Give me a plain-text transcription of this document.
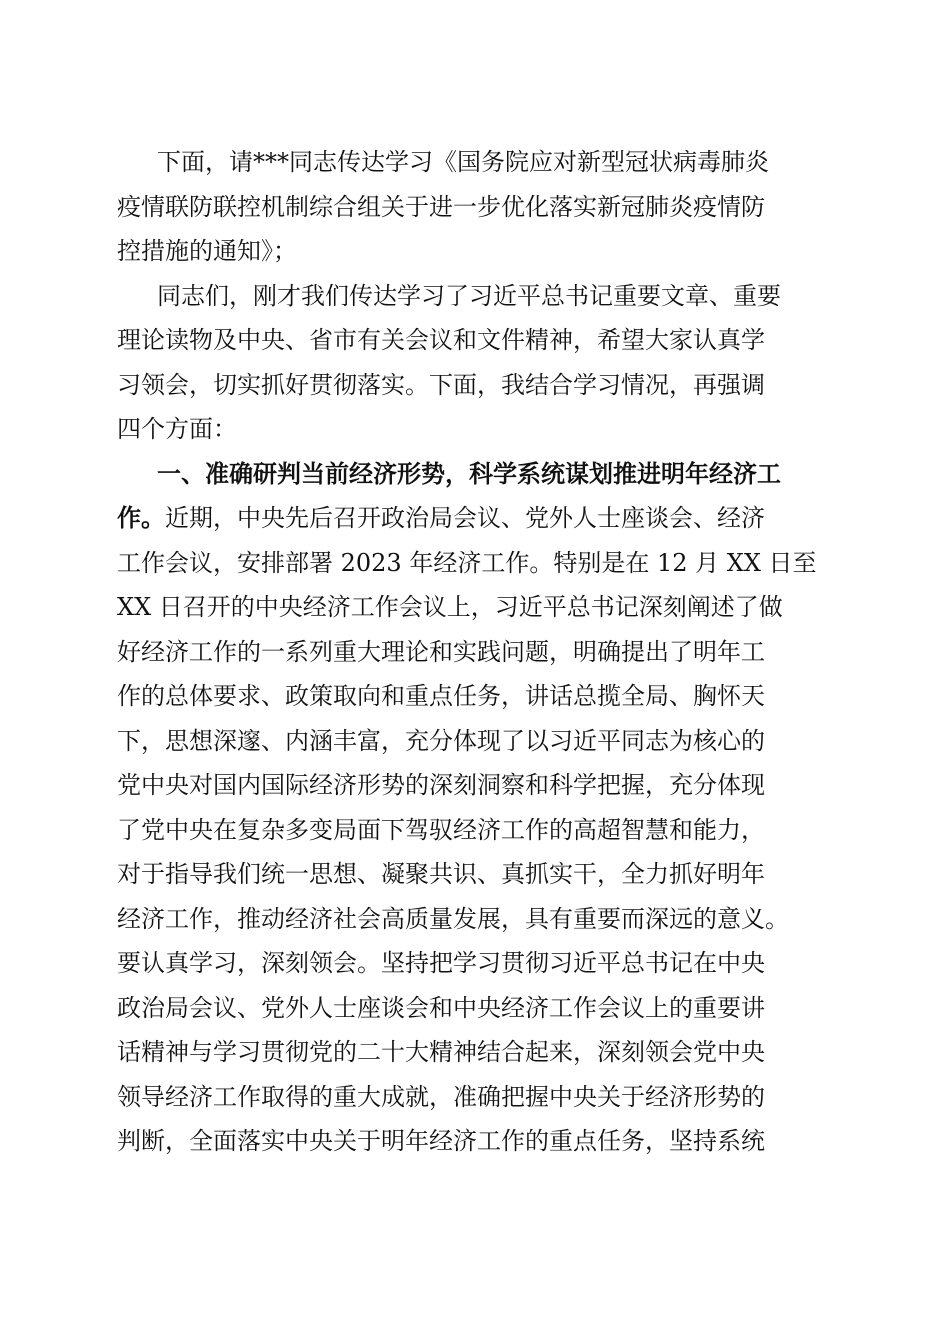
下面，请***同志传达学习《国务院应对新型冠状病毒肺炎
疫情联防联控机制综合组关于进一步优化落实新冠肺炎疫情防
控措施的通知》；
同志们，刚才我们传达学习了习近平总书记重要文章、重要
理论读物及中央、省市有关会议和文件精神，希望大家认真学
习领会，切实抓好贯彻落实。下面，我结合学习情况，再强调
四个方面：
一、准确研判当前经济形势，科学系统谋划推进明年经济工
作。近期，中央先后召开政治局会议、党外人士座谈会、经济
工作会议，安排部署 2023 年经济工作。特别是在 12 月 XX 日至
XX 日召开的中央经济工作会议上，习近平总书记深刻阐述了做
好经济工作的一系列重大理论和实践问题，明确提出了明年工
作的总体要求、政策取向和重点任务，讲话总揽全局、胸怀天
下，思想深邃、内涵丰富，充分体现了以习近平同志为核心的
党中央对国内国际经济形势的深刻洞察和科学把握，充分体现
了党中央在复杂多变局面下驾驭经济工作的高超智慧和能力，
对于指导我们统一思想、凝聚共识、真抓实干，全力抓好明年
经济工作，推动经济社会高质量发展，具有重要而深远的意义。
要认真学习，深刻领会。坚持把学习贯彻习近平总书记在中央
政治局会议、党外人士座谈会和中央经济工作会议上的重要讲
话精神与学习贯彻党的二十大精神结合起来，深刻领会党中央
领导经济工作取得的重大成就，准确把握中央关于经济形势的
判断，全面落实中央关于明年经济工作的重点任务，坚持系统
